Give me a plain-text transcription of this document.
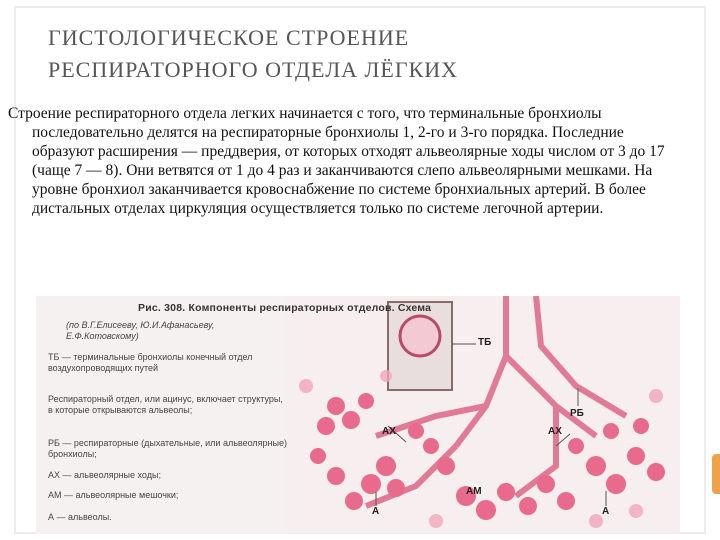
ГИСТОЛОГИЧЕСКОЕ СТРОЕНИЕ
РЕСПИРАТОРНОГО ОТДЕЛА ЛЁГКИХ
Строение респираторного отдела легких начинается с того, что терминальные бронхиолы последовательно делятся на респираторные бронхиолы 1, 2-го и 3-го порядка. Последние образуют расширения — преддверия, от которых отходят альвеолярные ходы числом от 3 до 17 (чаще 7 — 8). Они ветвятся от 1 до 4 раз и заканчиваются слепо альвеолярными мешками. На уровне бронхиол заканчивается кровоснабжение по системе бронхиальных артерий. В более дистальных отделах циркуляция осуществляется только по системе легочной артерии.
Рис. 308. Компоненты респираторных отделов. Схема
(по В.Г.Елисееву, Ю.И.Афанасьеву, Е.Ф.Котовскому)
ТБ — терминальные бронхиолы конечный отдел воздухопроводящих путей
Респираторный отдел, или ацинус, включает структуры, в которые открываются альвеолы;
РБ — респираторные (дыхательные, или альвеолярные) бронхиолы;
АХ — альвеолярные ходы;
АМ — альвеолярные мешочки;
А — альвеолы.
ТБ
РБ
АХ	АХ
АМ
А	А
